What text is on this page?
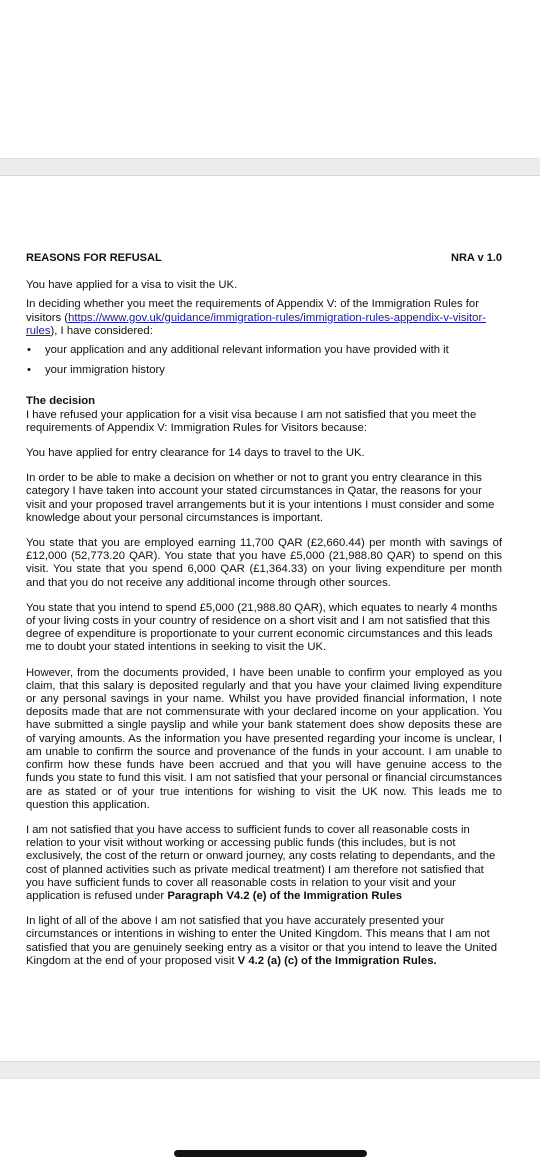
REASONS FOR REFUSAL	NRA v 1.0

You have applied for a visa to visit the UK.

In deciding whether you meet the requirements of Appendix V: of the Immigration Rules for visitors (https://www.gov.uk/guidance/immigration-rules/immigration-rules-appendix-v-visitor-rules), I have considered:

• your application and any additional relevant information you have provided with it
• your immigration history

The decision

I have refused your application for a visit visa because I am not satisfied that you meet the requirements of Appendix V: Immigration Rules for Visitors because:

You have applied for entry clearance for 14 days to travel to the UK.

In order to be able to make a decision on whether or not to grant you entry clearance in this category I have taken into account your stated circumstances in Qatar, the reasons for your visit and your proposed travel arrangements but it is your intentions I must consider and some knowledge about your personal circumstances is important.

You state that you are employed earning 11,700 QAR (£2,660.44) per month with savings of £12,000 (52,773.20 QAR). You state that you have £5,000 (21,988.80 QAR) to spend on this visit. You state that you spend 6,000 QAR (£1,364.33) on your living expenditure per month and that you do not receive any additional income through other sources.

You state that you intend to spend £5,000 (21,988.80 QAR), which equates to nearly 4 months of your living costs in your country of residence on a short visit and I am not satisfied that this degree of expenditure is proportionate to your current economic circumstances and this leads me to doubt your stated intentions in seeking to visit the UK.

However, from the documents provided, I have been unable to confirm your employed as you claim, that this salary is deposited regularly and that you have your claimed living expenditure or any personal savings in your name. Whilst you have provided financial information, I note deposits made that are not commensurate with your declared income on your application. You have submitted a single payslip and while your bank statement does show deposits these are of varying amounts. As the information you have presented regarding your income is unclear, I am unable to confirm the source and provenance of the funds in your account. I am unable to confirm how these funds have been accrued and that you will have genuine access to the funds you state to fund this visit. I am not satisfied that your personal or financial circumstances are as stated or of your true intentions for wishing to visit the UK now. This leads me to question this application.

I am not satisfied that you have access to sufficient funds to cover all reasonable costs in relation to your visit without working or accessing public funds (this includes, but is not exclusively, the cost of the return or onward journey, any costs relating to dependants, and the cost of planned activities such as private medical treatment) I am therefore not satisfied that you have sufficient funds to cover all reasonable costs in relation to your visit and your application is refused under Paragraph V4.2 (e) of the Immigration Rules

In light of all of the above I am not satisfied that you have accurately presented your circumstances or intentions in wishing to enter the United Kingdom. This means that I am not satisfied that you are genuinely seeking entry as a visitor or that you intend to leave the United Kingdom at the end of your proposed visit V 4.2 (a) (c) of the Immigration Rules.
